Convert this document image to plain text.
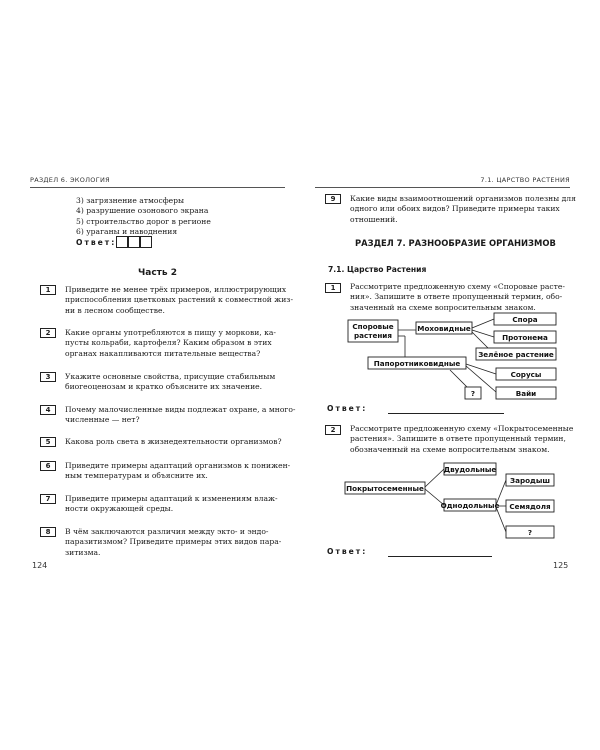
РАЗДЕЛ 6. ЭКОЛОГИЯ
3) загрязнение атмосферы
4) разрушение озонового экрана
5) строительство дорог в регионе
6) ураганы и наводнения
Ответ:
Часть 2
1	Приведите не менее трёх примеров, иллюстрирующих
приспособления цветковых растений к совместной жиз-
ни в лесном сообществе.
2	Какие органы употребляются в пищу у моркови, ка-
пусты кольраби, картофеля? Каким образом в этих
органах накапливаются питательные вещества?
3	Укажите основные свойства, присущие стабильным
биогеоценозам и кратко объясните их значение.
4	Почему малочисленные виды подлежат охране, а много-
численные — нет?
5	Какова роль света в жизнедеятельности организмов?
6	Приведите примеры адаптаций организмов к понижен-
ным температурам и объясните их.
7	Приведите примеры адаптаций к изменениям влаж-
ности окружающей среды.
8	В чём заключаются различия между экто- и эндо-
паразитизмом? Приведите примеры этих видов пара-
зитизма.
124
7.1. ЦАРСТВО РАСТЕНИЯ
9	Какие виды взаимоотношений организмов полезны для
одного или обоих видов? Приведите примеры таких
отношений.
РАЗДЕЛ 7. РАЗНООБРАЗИЕ ОРГАНИЗМОВ
7.1. Царство Растения
1	Рассмотрите предложенную схему «Споровые расте-
ния». Запишите в ответе пропущенный термин, обо-
значенный на схеме вопросительным знаком.
Споровые
растения
Моховидные
Папоротниковидные
Спора
Протонема
Зелёное растение
Сорусы
?	Вайи
Ответ:
2	Рассмотрите предложенную схему «Покрытосеменные
растения». Запишите в ответе пропущенный термин,
обозначенный на схеме вопросительным знаком.
Покрытосеменные
Двудольные
Однодольные
Зародыш
Семядоля
?
Ответ:
125
